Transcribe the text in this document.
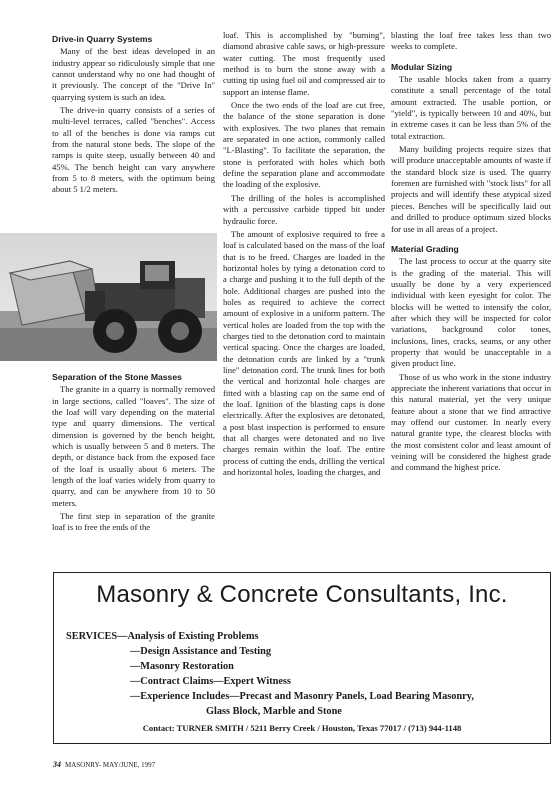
Drive-in Quarry Systems

Many of the best ideas developed in an industry appear so ridiculously simple that one cannot understand why no one had thought of it previously. The concept of the "Drive In" quarrying system is such an idea.

The drive-in quarry consists of a series of multi-level terraces, called "benches". Access to all of the benches is done via ramps cut from the natural stone beds. The slope of the ramps is quite steep, usually between 40 and 45%. The bench height can vary anywhere from 5 to 8 meters, with the optimum being about 5 1/2 meters.

Separation of the Stone Masses

The granite in a quarry is normally removed in large sections, called "loaves". The size of the loaf will vary depending on the material type and quarry dimensions. The vertical dimension is governed by the bench height, which is usually between 5 and 8 meters. The depth, or distance back from the exposed face of the loaf is usually about 6 meters. The length of the loaf varies widely from quarry to quarry, and can be anywhere from 10 to 50 meters.

The first step in separation of the granite loaf is to free the ends of the

loaf. This is accomplished by "burning", diamond abrasive cable saws, or high-pressure water cutting. The most frequently used method is to burn the stone away with a cutting tip using fuel oil and compressed air to support an intense flame.

Once the two ends of the loaf are cut free, the balance of the stone separation is done with explosives. The two planes that remain are separated in one action, commonly called "L-Blasting". To facilitate the separation, the stone is perforated with holes which both define the separation plane and accommodate the loading of the explosive.

The drilling of the holes is accomplished with a percussive carbide tipped bit under hydraulic force.

The amount of explosive required to free a loaf is calculated based on the mass of the loaf that is to be freed. Charges are loaded in the horizontal holes by tying a detonation cord to a charge and pushing it to the full depth of the hole. Additional charges are pushed into the holes as required to achieve the correct amount of explosive in a uniform pattern. The vertical holes are loaded from the top with the charges tied to the detonation cord to maintain vertical spacing. Once the charges are loaded, the detonation cords are linked by a "trunk line" detonation cord. The trunk lines for both the vertical and horizontal hole charges are fitted with a blasting cap on the same end of the loaf. Ignition of the blasting caps is done electrically. After the explosives are detonated, a post blast inspection is performed to ensure that all charges were detonated and no live charges remain within the loaf. The entire process of cutting the ends, drilling the vertical and horizontal holes, loading the charges, and

blasting the loaf free takes less than two weeks to complete.

Modular Sizing

The usable blocks taken from a quarry constitute a small percentage of the total amount extracted. The usable portion, or "yield", is typically between 10 and 40%, but in extreme cases it can be less than 5% of the total extraction.

Many building projects require sizes that will produce unacceptable amounts of waste if the standard block size is used. The quarry foremen are furnished with "stock lists" for all projects and will identify these atypical sized pieces. Benches will be specifically laid out and drilled to produce optimum sized blocks for use in all areas of a project.

Material Grading

The last process to occur at the quarry site is the grading of the material. This will usually be done by a very experienced individual with keen eyesight for color. The blocks will be wetted to intensify the color, after which they will be inspected for color variations, background color tones, inclusions, lines, cracks, seams, or any other property that would be unacceptable in a given product line.

Those of us who work in the stone industry appreciate the inherent variations that occur in this natural material, yet the very unique feature about a stone that we find attractive may offend our customer. In nearly every natural granite type, the clearest blocks with the most consistent color and least amount of veining will be considered the highest grade and command the highest price.

Masonry & Concrete Consultants, Inc.
SERVICES—Analysis of Existing Problems
—Design Assistance and Testing
—Masonry Restoration
—Contract Claims—Expert Witness
—Experience Includes—Precast and Masonry Panels, Load Bearing Masonry,
Glass Block, Marble and Stone
Contact: TURNER SMITH / 5211 Berry Creek / Houston, Texas 77017 / (713) 944-1148
34 MASONRY- MAY/JUNE, 1997
